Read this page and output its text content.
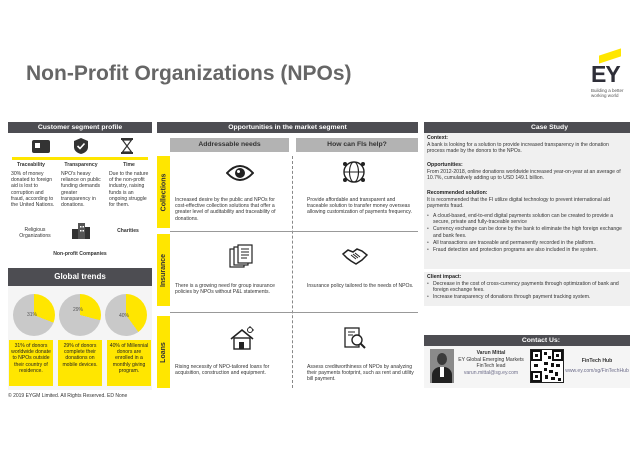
Non-Profit Organizations (NPOs)	EY
Building a better working world
Customer segment profile
Traceability	Transparency	Time
30% of money donated to foreign aid is lost to corruption and fraud, according to the United Nations.
NPO's heavy reliance on public funding demands greater transparency in donations.
Due to the nature of the non-profit industry, raising funds is an ongoing struggle for them.
Religious Organizations
Charities
Non-profit Companies
Global trends
31%
29%
40%
31% of donors worldwide donate to NPOs outside their country of residence.
29% of donors complete their donations on mobile devices.
40% of Millennial donors are enrolled in a monthly giving program.
Opportunities in the market segment
Addressable needs	How can FIs help?
Collections Increased desire by the public and NPOs for cost-effective collection solutions that offer a greater level of auditability and traceability of donations.
Provide affordable and transparent and traceable solution to transfer money overseas allowing customization of payments frequency.
Insurance There is a growing need for group insurance policies by NPOs without P&L statements.
Insurance policy tailored to the needs of NPOs.
Loans
Rising necessity of NPO-tailored loans for acquisition, construction and equipment.
Assess creditworthiness of NPOs by analyzing their payments footprint, such as rent and utility bill payment.
Case Study
Context:
A bank is looking for a solution to provide increased transparency in the donation process made by the donors to the NPOs.
Opportunities:
From 2012-2018, online donations worldwide increased year-on-year at an average of 10.7%, cumulatively adding up to USD 149.1 billion.
Recommended solution:
It is recommended that the FI utilize digital technology to prevent international aid payments fraud.
• A cloud-based, end-to-end digital payments solution can be created to provide a secure, private and fully-traceable service
• Currency exchange can be done by the bank to eliminate the high foreign exchange and bank fees.
• All transactions are traceable and permanently recorded in the platform.
• Fraud detection and protection programs are also included in the system.
Client impact:
• Decrease in the cost of cross-currency payments through optimization of bank and foreign exchange fees.
• Increase transparency of donations through payment tracking system.
Contact Us:
Varun Mittal
EY Global Emerging Markets
FinTech lead
varun.mittal@sg.ey.com
FinTech Hub
www.ey.com/sg/FinTechHub
© 2019 EYGM Limited. All Rights Reserved. ED None
